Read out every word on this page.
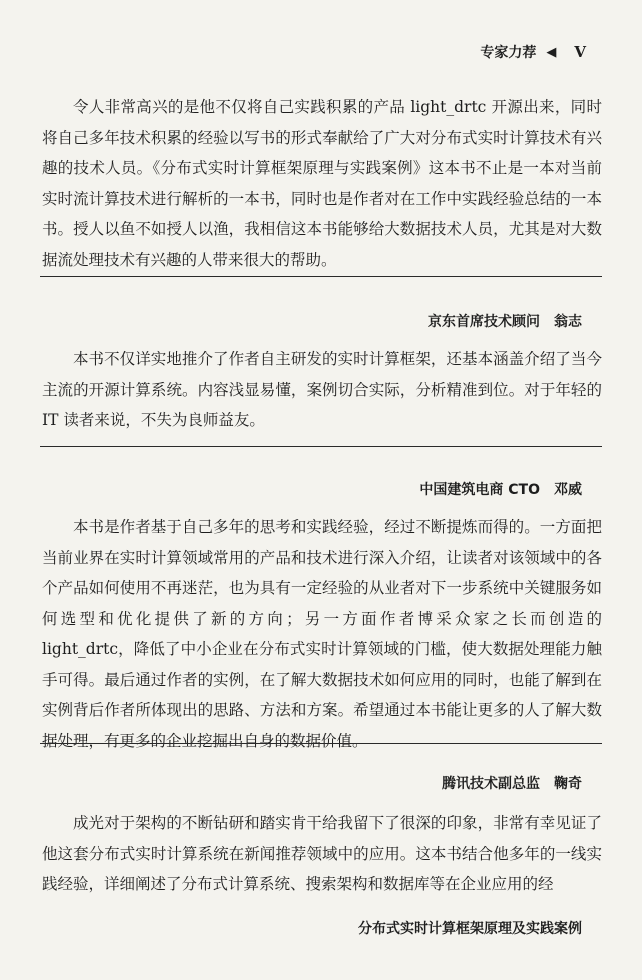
专家力荐 ◀ V

令人非常高兴的是他不仅将自己实践积累的产品 light_drtc 开源出来，同时将自己多年技术积累的经验以写书的形式奉献给了广大对分布式实时计算技术有兴趣的技术人员。《分布式实时计算框架原理与实践案例》这本书不止是一本对当前实时流计算技术进行解析的一本书，同时也是作者对在工作中实践经验总结的一本书。授人以鱼不如授人以渔，我相信这本书能够给大数据技术人员，尤其是对大数据流处理技术有兴趣的人带来很大的帮助。

京东首席技术顾问　翁志

本书不仅详实地推介了作者自主研发的实时计算框架，还基本涵盖介绍了当今主流的开源计算系统。内容浅显易懂，案例切合实际，分析精准到位。对于年轻的 IT 读者来说，不失为良师益友。

中国建筑电商 CTO　邓威

本书是作者基于自己多年的思考和实践经验，经过不断提炼而得的。一方面把当前业界在实时计算领域常用的产品和技术进行深入介绍，让读者对该领域中的各个产品如何使用不再迷茫，也为具有一定经验的从业者对下一步系统中关键服务如何选型和优化提供了新的方向；另一方面作者博采众家之长而创造的 light_drtc，降低了中小企业在分布式实时计算领域的门槛，使大数据处理能力触手可得。最后通过作者的实例，在了解大数据技术如何应用的同时，也能了解到在实例背后作者所体现出的思路、方法和方案。希望通过本书能让更多的人了解大数据处理，有更多的企业挖掘出自身的数据价值。

腾讯技术副总监　鞠奇

成光对于架构的不断钻研和踏实肯干给我留下了很深的印象，非常有幸见证了他这套分布式实时计算系统在新闻推荐领域中的应用。这本书结合他多年的一线实践经验，详细阐述了分布式计算系统、搜索架构和数据库等在企业应用的经

分布式实时计算框架原理及实践案例
